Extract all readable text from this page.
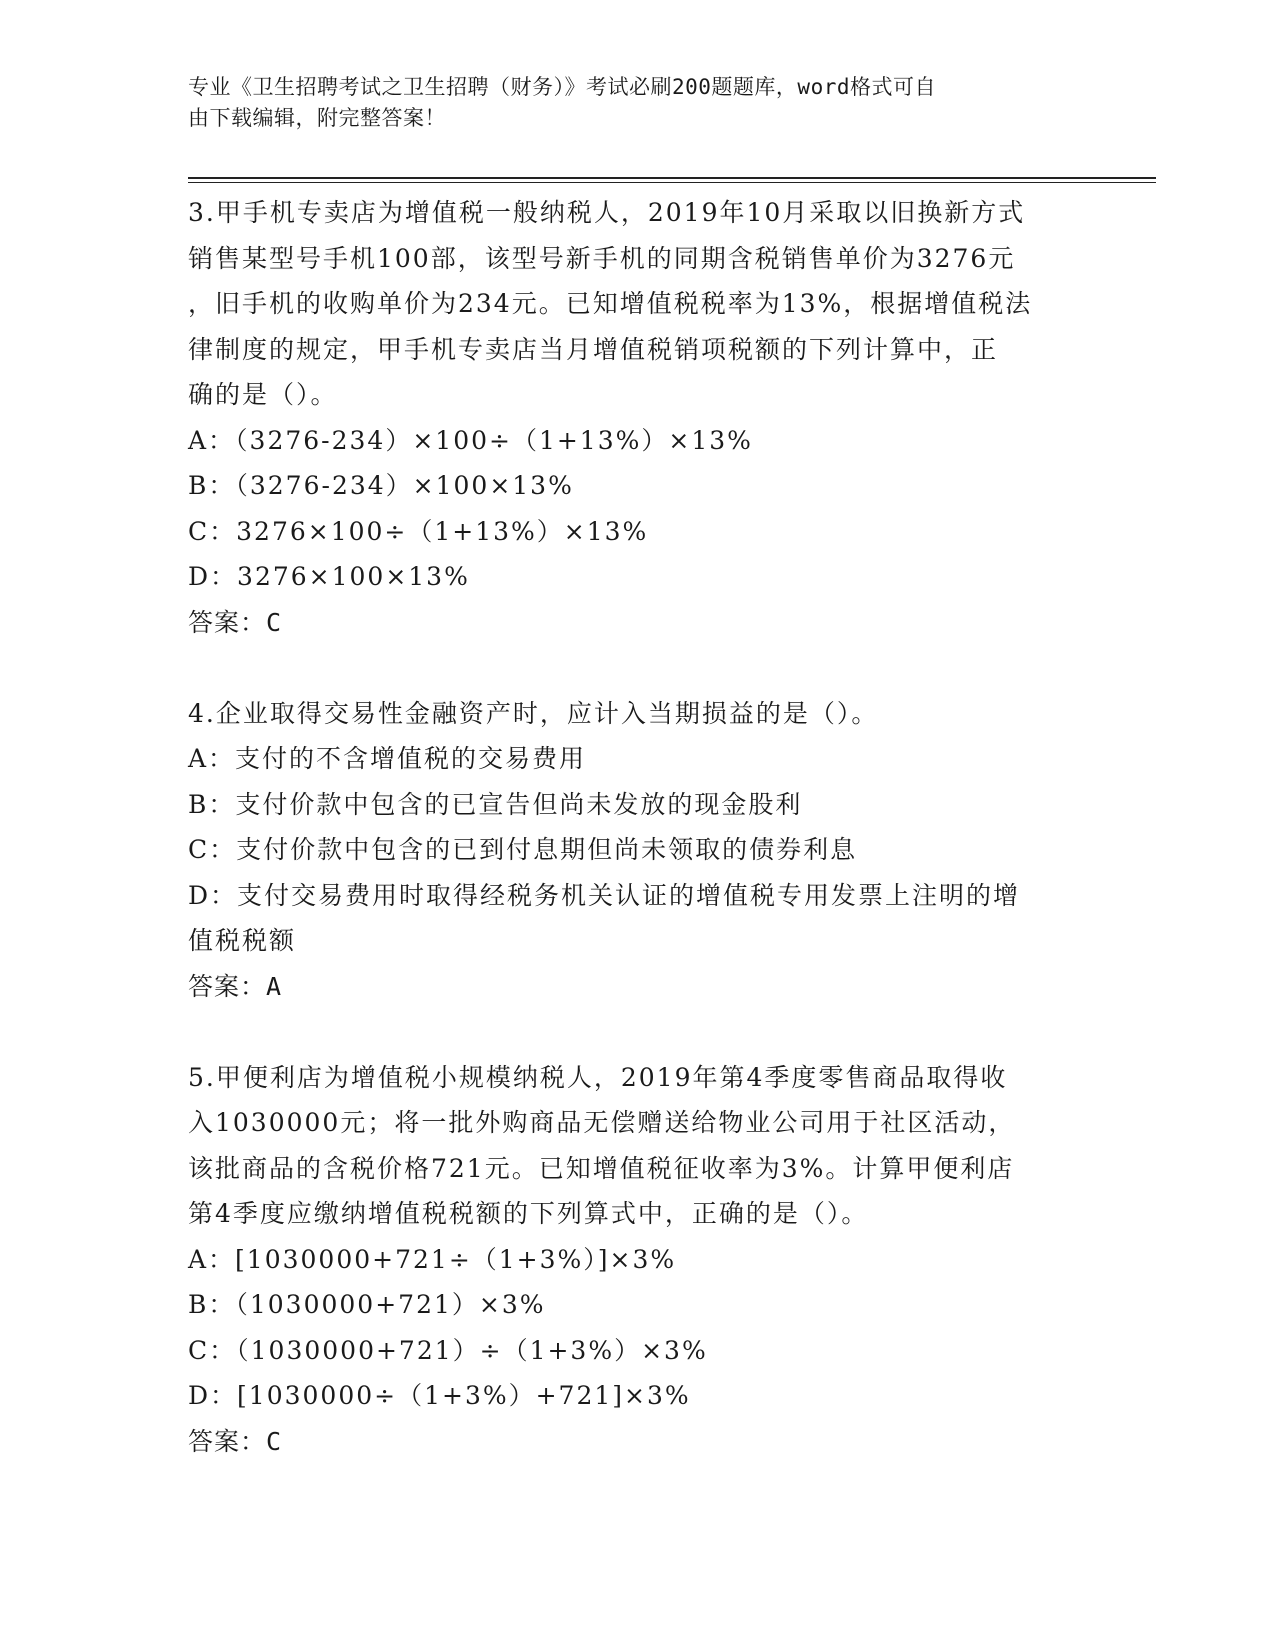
专业《卫生招聘考试之卫生招聘（财务）》考试必刷200题题库，word格式可自
由下载编辑，附完整答案！
3.甲手机专卖店为增值税一般纳税人，2019年10月采取以旧换新方式
销售某型号手机100部，该型号新手机的同期含税销售单价为3276元
，旧手机的收购单价为234元。已知增值税税率为13%，根据增值税法
律制度的规定，甲手机专卖店当月增值税销项税额的下列计算中，正
确的是（）。
A：（3276-234）×100÷（1+13%）×13%
B：（3276-234）×100×13%
C：3276×100÷（1+13%）×13%
D：3276×100×13%
答案：C
4.企业取得交易性金融资产时，应计入当期损益的是（）。
A：支付的不含增值税的交易费用
B：支付价款中包含的已宣告但尚未发放的现金股利
C：支付价款中包含的已到付息期但尚未领取的债券利息
D：支付交易费用时取得经税务机关认证的增值税专用发票上注明的增
值税税额
答案：A
5.甲便利店为增值税小规模纳税人，2019年第4季度零售商品取得收
入1030000元；将一批外购商品无偿赠送给物业公司用于社区活动，
该批商品的含税价格721元。已知增值税征收率为3%。计算甲便利店
第4季度应缴纳增值税税额的下列算式中，正确的是（）。
A：[1030000+721÷（1+3%）]×3%
B：（1030000+721）×3%
C：（1030000+721）÷（1+3%）×3%
D：[1030000÷（1+3%）+721]×3%
答案：C
